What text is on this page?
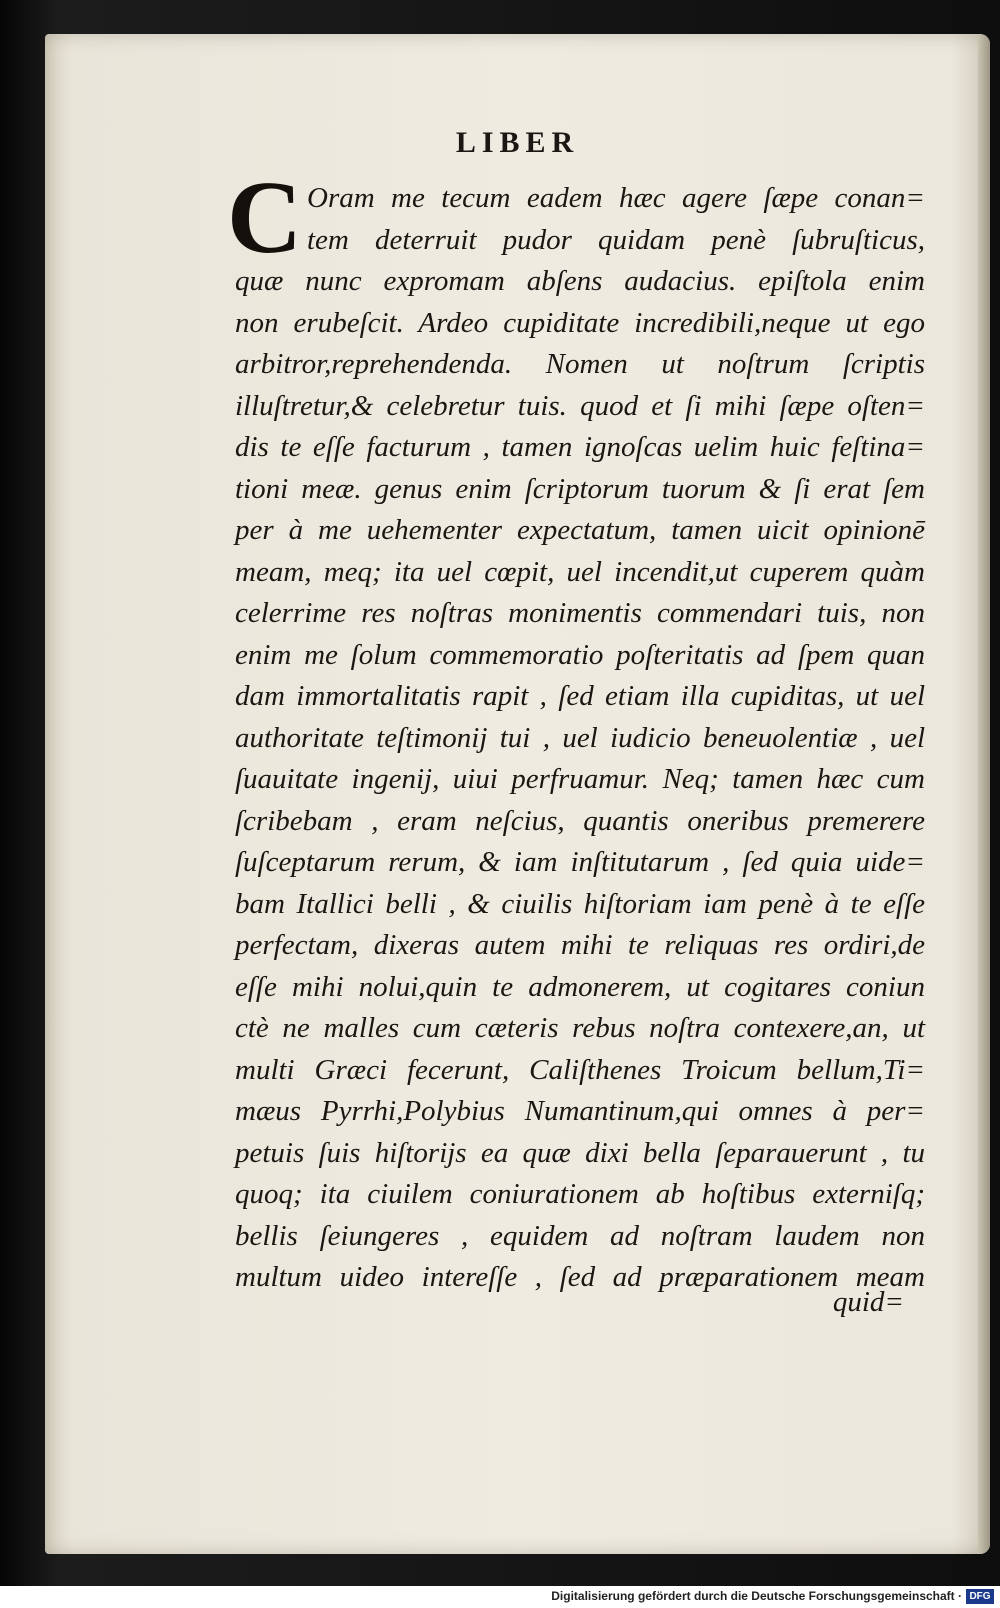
LIBER
C Oram me tecum eadem hæc agere ſæpe conan=
tem deterruit pudor quidam penè ſubruſticus,
quæ nunc expromam abſens audacius. epiſtola enim
non erubeſcit. Ardeo cupiditate incredibili,neque ut ego
arbitror,reprehendenda. Nomen ut noſtrum ſcriptis
illuſtretur,& celebretur tuis. quod et ſi mihi ſæpe oſten=
dis te eſſe facturum , tamen ignoſcas uelim huic feſtina=
tioni meæ. genus enim ſcriptorum tuorum & ſi erat ſem
per à me uehementer expectatum, tamen uicit opinionē
meam, meq; ita uel cœpit, uel incendit,ut cuperem quàm
celerrime res noſtras monimentis commendari tuis, non
enim me ſolum commemoratio poſteritatis ad ſpem quan
dam immortalitatis rapit , ſed etiam illa cupiditas, ut uel
authoritate teſtimonij tui , uel iudicio beneuolentiæ , uel
ſuauitate ingenij, uiui perfruamur. Neq; tamen hæc cum
ſcribebam , eram neſcius, quantis oneribus premerere
ſuſceptarum rerum, & iam inſtitutarum , ſed quia uide=
bam Itallici belli , & ciuilis hiſtoriam iam penè à te eſſe
perfectam, dixeras autem mihi te reliquas res ordiri,de
eſſe mihi nolui,quin te admonerem, ut cogitares coniun
ctè ne malles cum cæteris rebus noſtra contexere,an, ut
multi Græci fecerunt, Caliſthenes Troicum bellum,Ti=
mæus Pyrrhi,Polybius Numantinum,qui omnes à per=
petuis ſuis hiſtorijs ea quæ dixi bella ſeparauerunt , tu
quoq; ita ciuilem coniurationem ab hoſtibus externiſq;
bellis ſeiungeres , equidem ad noſtram laudem non
multum uideo intereſſe , ſed ad præparationem meam
quid=
Digitalisierung gefördert durch die Deutsche Forschungsgemeinschaft · DFG
